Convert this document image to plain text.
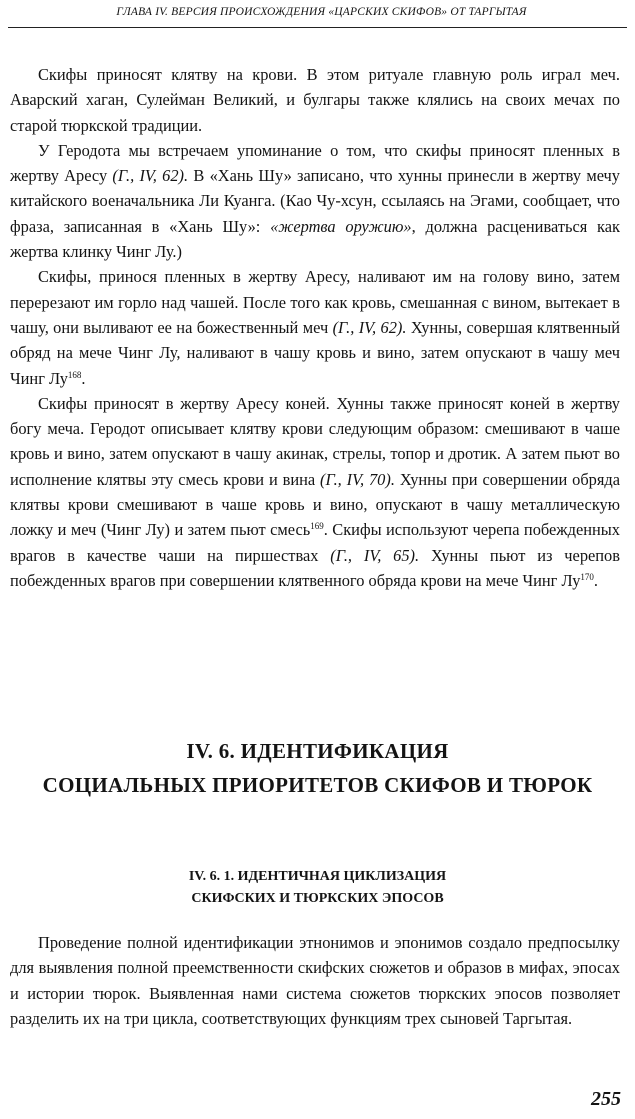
ГЛАВА IV. ВЕРСИЯ ПРОИСХОЖДЕНИЯ «ЦАРСКИХ СКИФОВ» ОТ ТАРГЫТАЯ

Скифы приносят клятву на крови. В этом ритуале главную роль играл меч. Аварский хаган, Сулейман Великий, и булгары также клялись на своих мечах по старой тюркской традиции.

У Геродота мы встречаем упоминание о том, что скифы приносят пленных в жертву Аресу (Г., IV, 62). В «Хань Шу» записано, что хунны принесли в жертву мечу китайского военачальника Ли Куанга. (Као Чу-хсун, ссылаясь на Эгами, сообщает, что фраза, записанная в «Хань Шу»: «жертва оружию», должна расцениваться как жертва клинку Чинг Лу.)

Скифы, принося пленных в жертву Аресу, наливают им на голову вино, затем перерезают им горло над чашей. После того как кровь, смешанная с вином, вытекает в чашу, они выливают ее на божественный меч (Г., IV, 62). Хунны, совершая клятвенный обряд на мече Чинг Лу, наливают в чашу кровь и вино, затем опускают в чашу меч Чинг $Лу^{168}$.

Скифы приносят в жертву Аресу коней. Хунны также приносят коней в жертву богу меча. Геродот описывает клятву крови следующим образом: смешивают в чаше кровь и вино, затем опускают в чашу акинак, стрелы, топор и дротик. А затем пьют во исполнение клятвы эту смесь крови и вина (Г., IV, 70). Хунны при совершении обряда клятвы крови смешивают в чаше кровь и вино, опускают в чашу металлическую ложку и меч (Чинг Лу) и затем пьют смесь$^{169}$. Скифы используют черепа побежденных врагов в качестве чаши на пиршествах (Г., IV, 65). Хунны пьют из черепов побежденных врагов при совершении клятвенного обряда крови на мече Чинг $Лу^{170}$.

IV. 6. ИДЕНТИФИКАЦИЯ
СОЦИАЛЬНЫХ ПРИОРИТЕТОВ СКИФОВ И ТЮРОК
IV. 6. 1. ИДЕНТИЧНАЯ ЦИКЛИЗАЦИЯ
СКИФСКИХ И ТЮРКСКИХ ЭПОСОВ

Проведение полной идентификации этнонимов и эпонимов создало предпосылку для выявления полной преемственности скифских сюжетов и образов в мифах, эпосах и истории тюрок. Выявленная нами система сюжетов тюркских эпосов позволяет разделить их на три цикла, соответствующих функциям трех сыновей Таргытая.

255
